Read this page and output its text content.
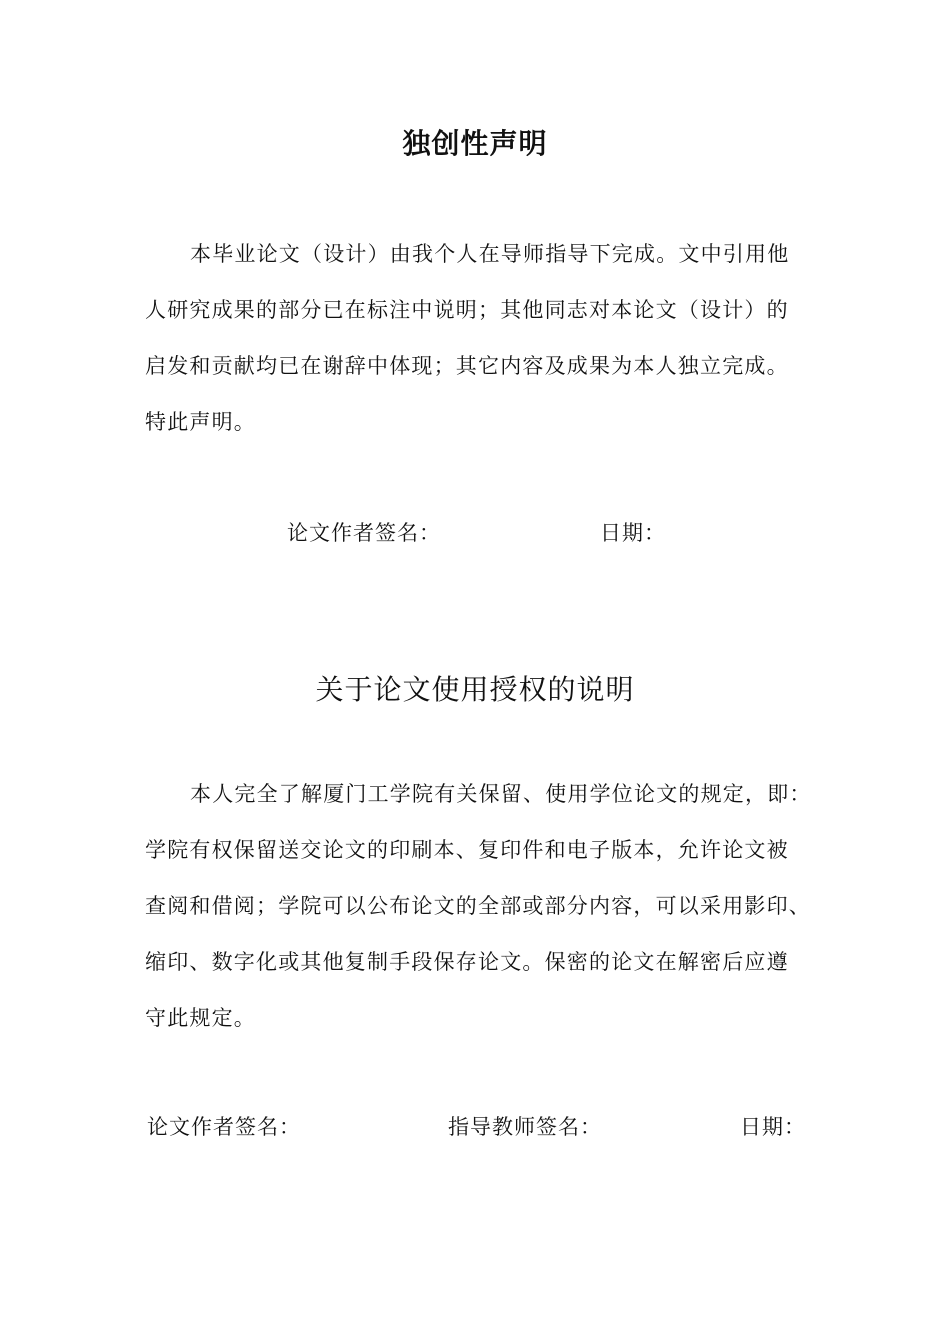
独创性声明
本毕业论文（设计）由我个人在导师指导下完成。文中引用他
人研究成果的部分已在标注中说明；其他同志对本论文（设计）的
启发和贡献均已在谢辞中体现；其它内容及成果为本人独立完成。
特此声明。
论文作者签名：	日期：
关于论文使用授权的说明
本人完全了解厦门工学院有关保留、使用学位论文的规定，即：
学院有权保留送交论文的印刷本、复印件和电子版本，允许论文被
查阅和借阅；学院可以公布论文的全部或部分内容，可以采用影印、
缩印、数字化或其他复制手段保存论文。保密的论文在解密后应遵
守此规定。
论文作者签名：	指导教师签名：	日期：
